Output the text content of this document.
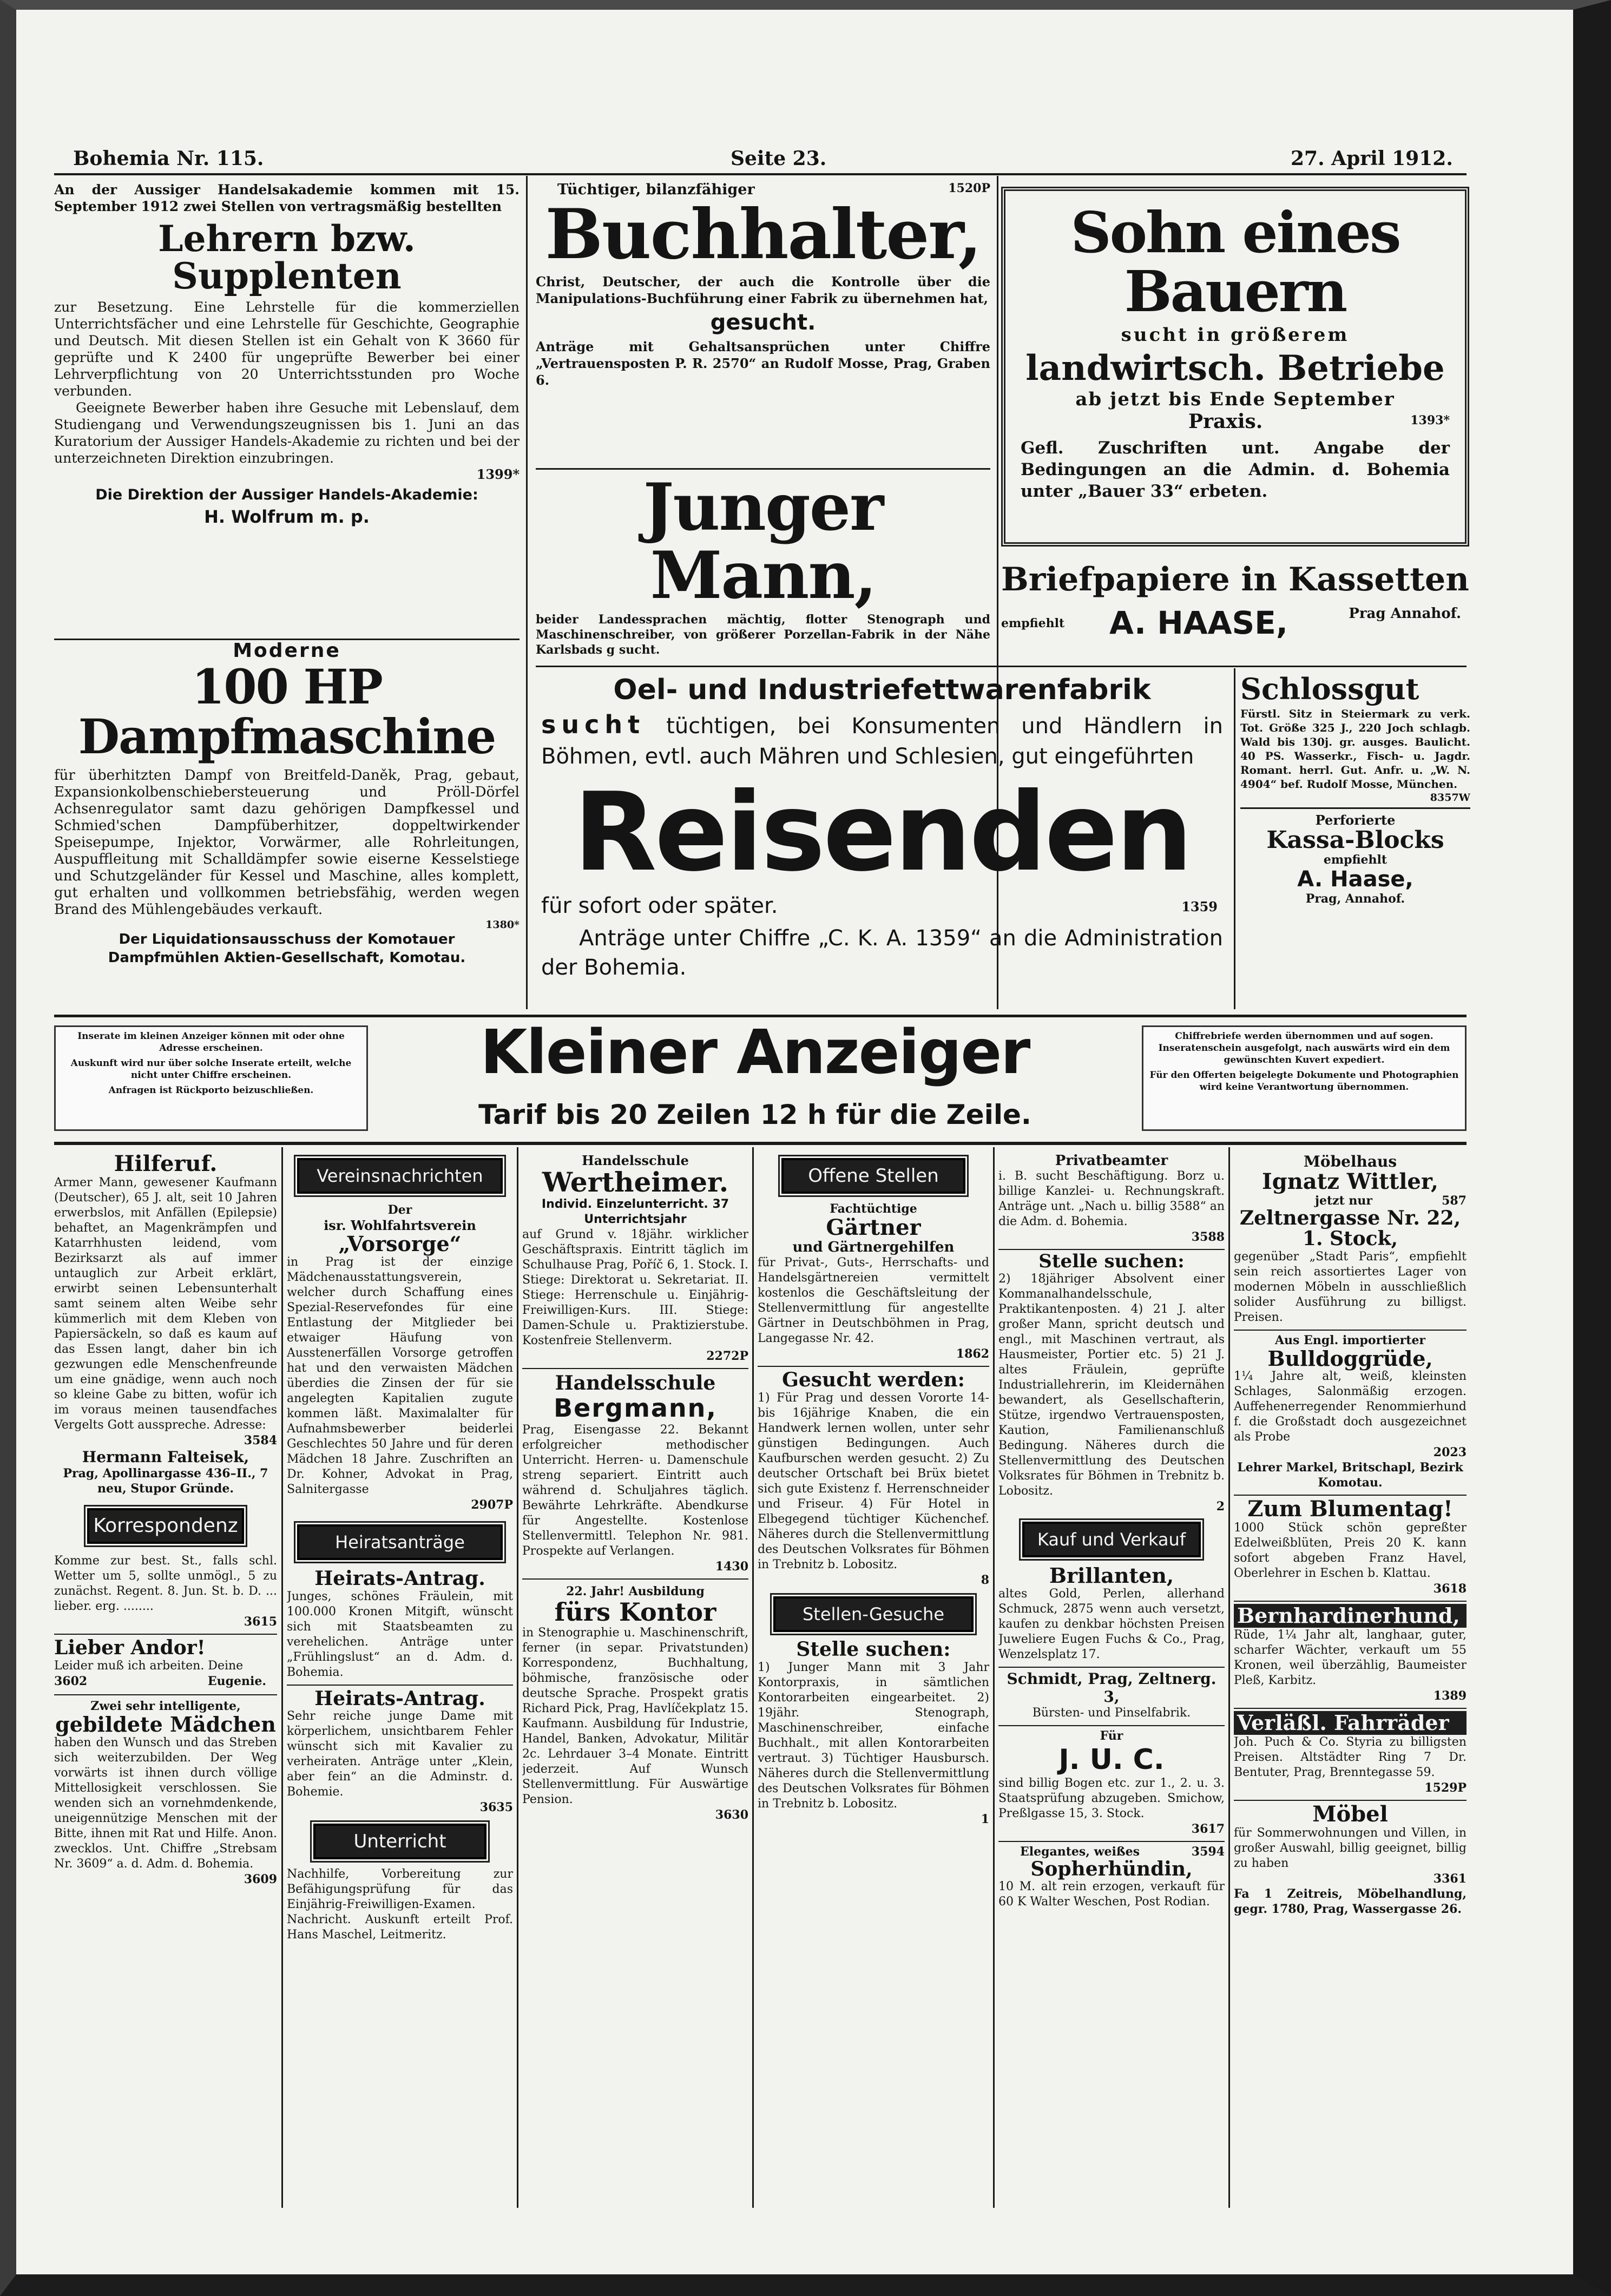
Bohemia Nr. 115.	Seite 23.	27. April 1912.

An der Aussiger Handelsakademie kommen mit 15. September 1912 zwei Stellen von vertragsmäßig bestellten

Lehrern bzw. Supplenten

zur Besetzung. Eine Lehrstelle für die kommerziellen Unterrichtsfächer und eine Lehrstelle für Geschichte, Geographie und Deutsch. Mit diesen Stellen ist ein Gehalt von K 3660 für geprüfte und K 2400 für ungeprüfte Bewerber bei einer Lehrverpflichtung von 20 Unterrichtsstunden pro Woche verbunden.

Geeignete Bewerber haben ihre Gesuche mit Lebenslauf, dem Studiengang und Verwendungszeugnissen bis 1. Juni an das Kuratorium der Aussiger Handels-Akademie zu richten und bei der unterzeichneten Direktion einzubringen.

1399*
Die Direktion der Aussiger Handels-Akademie:
H. Wolfrum m. p.
Tüchtiger, bilanzfähiger	1520P
Buchhalter,

Christ, Deutscher, der auch die Kontrolle über die Manipulations-Buchführung einer Fabrik zu übernehmen hat,

gesucht.

Anträge mit Gehaltsansprüchen unter Chiffre „Vertrauensposten P. R. 2570“ an Rudolf Mosse, Prag, Graben 6.

Junger Mann,

beider Landessprachen mächtig, flotter Stenograph und Maschinenschreiber, von größerer Porzellan-Fabrik in der Nähe Karlsbads g sucht.

Sohn eines Bauern
sucht in größerem
landwirtsch. Betriebe
ab jetzt bis Ende September
Praxis.	1393*

Gefl. Zuschriften unt. Angabe der Bedingungen an die Admin. d. Bohemia unter „Bauer 33“ erbeten.

Briefpapiere in Kassetten
empfiehlt A. HAASE,	Prag Annahof.
Moderne
100 HP Dampfmaschine

für überhitzten Dampf von Breitfeld-Daněk, Prag, gebaut, Expansionkolbenschiebersteuerung und Pröll-Dörfel Achsenregulator samt dazu gehörigen Dampfkessel und Schmied'schen Dampfüberhitzer, doppeltwirkender Speisepumpe, Injektor, Vorwärmer, alle Rohrleitungen, Auspuffleitung mit Schalldämpfer sowie eiserne Kesselstiege und Schutzgeländer für Kessel und Maschine, alles komplett, gut erhalten und vollkommen betriebsfähig, werden wegen Brand des Mühlengebäudes verkauft.

1380*
Der Liquidationsausschuss der Komotauer
Dampfmühlen Aktien-Gesellschaft, Komotau.
Oel- und Industriefettwarenfabrik

sucht tüchtigen, bei Konsumenten und Händlern in Böhmen, evtl. auch Mähren und Schlesien, gut eingeführten

Reisenden
für sofort oder später.	1359

Anträge unter Chiffre „C. K. A. 1359“ an die Administration der Bohemia.

Schlossgut

Fürstl. Sitz in Steiermark zu verk. Tot. Größe 325 J., 220 Joch schlagb. Wald bis 130j. gr. ausges. Baulicht. 40 PS. Wasserkr., Fisch- u. Jagdr. Romant. herrl. Gut. Anfr. u. „W. N. 4904“ bef. Rudolf Mosse, München.

8357W
Perforierte
Kassa-Blocks
empfiehlt
A. Haase,
Prag, Annahof.

Inserate im kleinen Anzeiger können mit oder ohne Adresse erscheinen.

Auskunft wird nur über solche Inserate erteilt, welche nicht unter Chiffre erscheinen.

Anfragen ist Rückporto beizuschließen.

Kleiner Anzeiger
Tarif bis 20 Zeilen 12 h für die Zeile.

Chiffrebriefe werden übernommen und auf sogen. Inseratenschein ausgefolgt, nach auswärts wird ein dem gewünschten Kuvert expediert.

Für den Offerten beigelegte Dokumente und Photographien wird keine Verantwortung übernommen.

Hilferuf.

Armer Mann, gewesener Kaufmann (Deutscher), 65 J. alt, seit 10 Jahren erwerbslos, mit Anfällen (Epilepsie) behaftet, an Magenkrämpfen und Katarrhhusten leidend, vom Bezirksarzt als auf immer untauglich zur Arbeit erklärt, erwirbt seinen Lebensunterhalt samt seinem alten Weibe sehr kümmerlich mit dem Kleben von Papiersäckeln, so daß es kaum auf das Essen langt, daher bin ich gezwungen edle Menschenfreunde um eine gnädige, wenn auch noch so kleine Gabe zu bitten, wofür ich im voraus meinen tausendfaches Vergelts Gott ausspreche. Adresse:

3584
Hermann Falteisek,
Prag, Apollinargasse 436–II., 7 neu, Stupor Gründe.
Korrespondenz

Komme zur best. St., falls schl. Wetter um 5, sollte unmögl., 5 zu zunächst. Regent. 8. Jun. St. b. D. ... lieber. erg. ........

3615
Lieber Andor!

Leider muß ich arbeiten. Deine

3602	Eugenie.
Zwei sehr intelligente,
gebildete Mädchen

haben den Wunsch und das Streben sich weiterzubilden. Der Weg vorwärts ist ihnen durch völlige Mittellosigkeit verschlossen. Sie wenden sich an vornehmdenkende, uneigennützige Menschen mit der Bitte, ihnen mit Rat und Hilfe. Anon. zwecklos. Unt. Chiffre „Strebsam Nr. 3609“ a. d. Adm. d. Bohemia.

3609
Vereinsnachrichten
Der
isr. Wohlfahrtsverein
„Vorsorge“

in Prag ist der einzige Mädchenausstattungsverein, welcher durch Schaffung eines Spezial-Reservefondes für eine Entlastung der Mitglieder bei etwaiger Häufung von Ausstenerfällen Vorsorge getroffen hat und den verwaisten Mädchen überdies die Zinsen der für sie angelegten Kapitalien zugute kommen läßt. Maximalalter für Aufnahmsbewerber beiderlei Geschlechtes 50 Jahre und für deren Mädchen 18 Jahre. Zuschriften an Dr. Kohner, Advokat in Prag, Salnitergasse

2907P
Heiratsanträge
Heirats-Antrag.

Junges, schönes Fräulein, mit 100.000 Kronen Mitgift, wünscht sich mit Staatsbeamten zu verehelichen. Anträge unter „Frühlingslust“ an d. Adm. d. Bohemia.

Heirats-Antrag.

Sehr reiche junge Dame mit körperlichem, unsichtbarem Fehler wünscht sich mit Kavalier zu verheiraten. Anträge unter „Klein, aber fein“ an die Adminstr. d. Bohemie.

3635
Unterricht

Nachhilfe, Vorbereitung zur Befähigungsprüfung für das Einjährig-Freiwilligen-Examen. Nachricht. Auskunft erteilt Prof. Hans Maschel, Leitmeritz.

Handelsschule
Wertheimer.
Individ. Einzelunterricht. 37 Unterrichtsjahr

auf Grund v. 18jähr. wirklicher Geschäftspraxis. Eintritt täglich im Schulhause Prag, Poříč 6, 1. Stock. I. Stiege: Direktorat u. Sekretariat. II. Stiege: Herrenschule u. Einjährig-Freiwilligen-Kurs. III. Stiege: Damen-Schule u. Praktizierstube. Kostenfreie Stellenverm.

2272P
Handelsschule
Bergmann,

Prag, Eisengasse 22. Bekannt erfolgreicher methodischer Unterricht. Herren- u. Damenschule streng separiert. Eintritt auch während d. Schuljahres täglich. Bewährte Lehrkräfte. Abendkurse für Angestellte. Kostenlose Stellenvermittl. Telephon Nr. 981. Prospekte auf Verlangen.

1430
22. Jahr! Ausbildung
fürs Kontor

in Stenographie u. Maschinenschrift, ferner (in separ. Privatstunden) Korrespondenz, Buchhaltung, böhmische, französische oder deutsche Sprache. Prospekt gratis Richard Pick, Prag, Havlíčekplatz 15. Kaufmann. Ausbildung für Industrie, Handel, Banken, Advokatur, Militär 2c. Lehrdauer 3–4 Monate. Eintritt jederzeit. Auf Wunsch Stellenvermittlung. Für Auswärtige Pension.

3630
Offene Stellen
Fachtüchtige
Gärtner
und Gärtnergehilfen

für Privat-, Guts-, Herrschafts- und Handelsgärtnereien vermittelt kostenlos die Geschäftsleitung der Stellenvermittlung für angestellte Gärtner in Deutschböhmen in Prag, Langegasse Nr. 42.

1862
Gesucht werden:

1) Für Prag und dessen Vororte 14- bis 16jährige Knaben, die ein Handwerk lernen wollen, unter sehr günstigen Bedingungen. Auch Kaufburschen werden gesucht. 2) Zu deutscher Ortschaft bei Brüx bietet sich gute Existenz f. Herrenschneider und Friseur. 4) Für Hotel in Elbegegend tüchtiger Küchenchef. Näheres durch die Stellenvermittlung des Deutschen Volksrates für Böhmen in Trebnitz b. Lobositz.

8
Stellen-Gesuche
Stelle suchen:

1) Junger Mann mit 3 Jahr Kontorpraxis, in sämtlichen Kontorarbeiten eingearbeitet. 2) 19jähr. Stenograph, Maschinenschreiber, einfache Buchhalt., mit allen Kontorarbeiten vertraut. 3) Tüchtiger Hausbursch. Näheres durch die Stellenvermittlung des Deutschen Volksrates für Böhmen in Trebnitz b. Lobositz.

1
Privatbeamter

i. B. sucht Beschäftigung. Borz u. billige Kanzlei- u. Rechnungskraft. Anträge unt. „Nach u. billig 3588“ an die Adm. d. Bohemia.

3588
Stelle suchen:

2) 18jähriger Absolvent einer Kommanalhandelsschule, Praktikantenposten. 4) 21 J. alter großer Mann, spricht deutsch und engl., mit Maschinen vertraut, als Hausmeister, Portier etc. 5) 21 J. altes Fräulein, geprüfte Industriallehrerin, im Kleidernähen bewandert, als Gesellschafterin, Stütze, irgendwo Vertrauensposten, Kaution, Familienanschluß Bedingung. Näheres durch die Stellenvermittlung des Deutschen Volksrates für Böhmen in Trebnitz b. Lobositz.

2
Kauf und Verkauf
Brillanten,

altes Gold, Perlen, allerhand Schmuck, 2875 wenn auch versetzt, kaufen zu denkbar höchsten Preisen Juweliere Eugen Fuchs & Co., Prag, Wenzelsplatz 17.

Schmidt, Prag, Zeltnerg. 3,
Bürsten- und Pinselfabrik.
Für
J. U. C.

sind billig Bogen etc. zur 1., 2. u. 3. Staatsprüfung abzugeben. Smichow, Preßlgasse 15, 3. Stock.

3617
Elegantes, weißes	3594
Sopherhündin,

10 M. alt rein erzogen, verkauft für 60 K Walter Weschen, Post Rodian.

Möbelhaus
Ignatz Wittler,
jetzt nur	587
Zeltnergasse Nr. 22, 1. Stock,

gegenüber „Stadt Paris“, empfiehlt sein reich assortiertes Lager von modernen Möbeln in ausschließlich solider Ausführung zu billigst. Preisen.

Aus Engl. importierter
Bulldoggrüde,

1¼ Jahre alt, weiß, kleinsten Schlages, Salonmäßig erzogen. Auffehenerregender Renommierhund f. die Großstadt doch ausgezeichnet als Probe

2023
Lehrer Markel, Britschapl, Bezirk Komotau.
Zum Blumentag!

1000 Stück schön gepreßter Edelweißblüten, Preis 20 K. kann sofort abgeben Franz Havel, Oberlehrer in Eschen b. Klattau.

3618
Bernhardinerhund,

Rüde, 1¼ Jahr alt, langhaar, guter, scharfer Wächter, verkauft um 55 Kronen, weil überzählig, Baumeister Pleß, Karbitz.

1389
Verläßl. Fahrräder

Joh. Puch & Co. Styria zu billigsten Preisen. Altstädter Ring 7 Dr. Bentuter, Prag, Brenntegasse 59.

1529P
Möbel

für Sommerwohnungen und Villen, in großer Auswahl, billig geeignet, billig zu haben

3361

Fa 1 Zeitreis, Möbelhandlung, gegr. 1780, Prag, Wassergasse 26.
